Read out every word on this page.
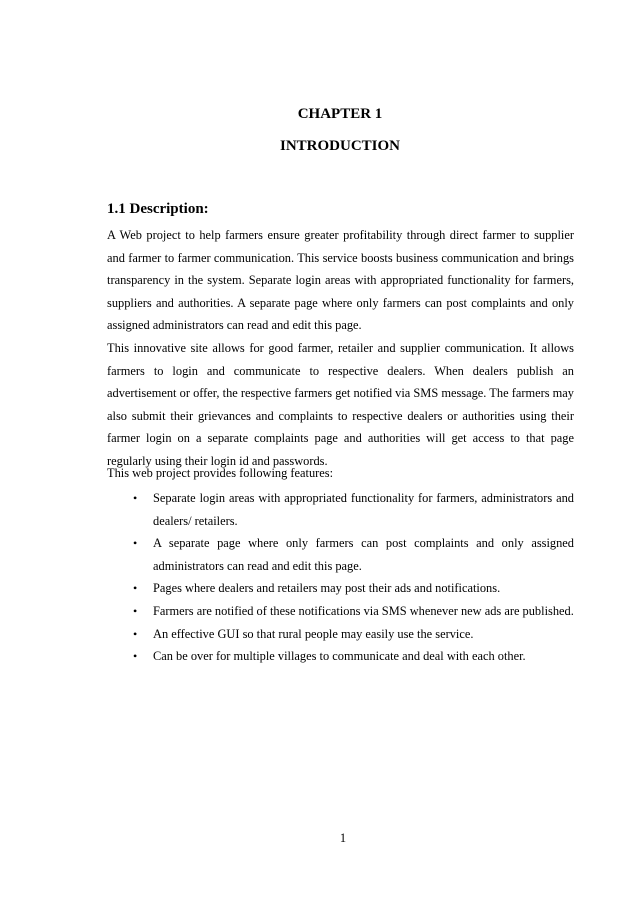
CHAPTER 1
INTRODUCTION
1.1 Description:

A Web project to help farmers ensure greater profitability through direct farmer to supplier and farmer to farmer communication. This service boosts business communication and brings transparency in the system. Separate login areas with appropriated functionality for farmers, suppliers and authorities. A separate page where only farmers can post complaints and only assigned administrators can read and edit this page.

This innovative site allows for good farmer, retailer and supplier communication. It allows farmers to login and communicate to respective dealers. When dealers publish an advertisement or offer, the respective farmers get notified via SMS message. The farmers may also submit their grievances and complaints to respective dealers or authorities using their farmer login on a separate complaints page and authorities will get access to that page regularly using their login id and passwords.

This web project provides following features:

• Separate login areas with appropriated functionality for farmers, administrators and dealers/ retailers.
• A separate page where only farmers can post complaints and only assigned administrators can read and edit this page.
• Pages where dealers and retailers may post their ads and notifications.
• Farmers are notified of these notifications via SMS whenever new ads are published.
• An effective GUI so that rural people may easily use the service.
• Can be over for multiple villages to communicate and deal with each other.
1
